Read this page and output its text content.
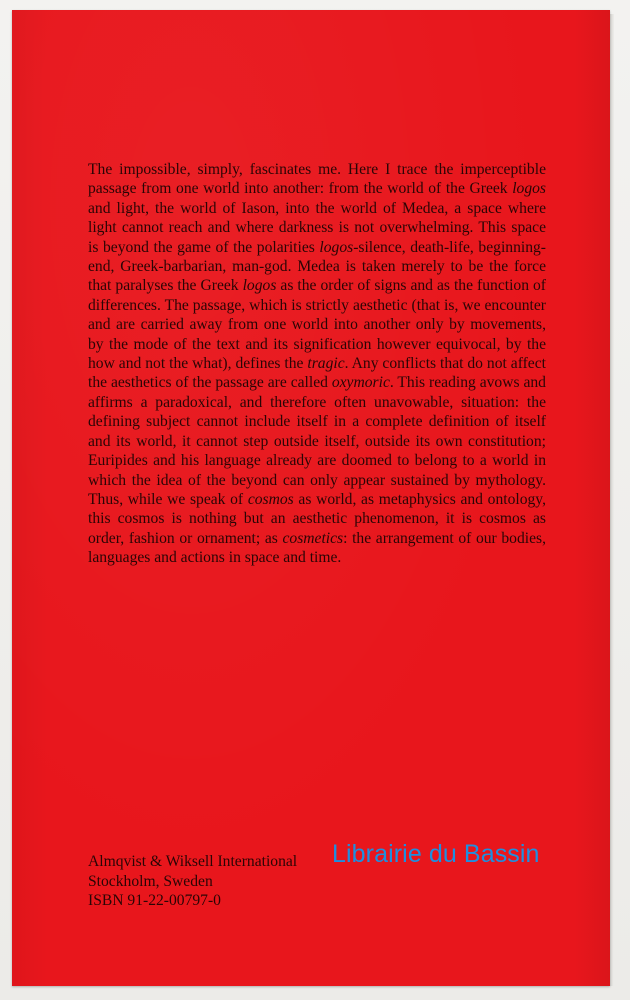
The impossible, simply, fascinates me. Here I trace the imperceptible passage from one world into another: from the world of the Greek logos and light, the world of Iason, into the world of Medea, a space where light cannot reach and where darkness is not overwhelming. This space is beyond the game of the polarities logos-silence, death-life, beginning-end, Greek-barbarian, man-god. Medea is taken merely to be the force that paralyses the Greek logos as the order of signs and as the function of differences. The passage, which is strictly aesthetic (that is, we encounter and are carried away from one world into another only by movements, by the mode of the text and its signification however equivocal, by the how and not the what), defines the tragic. Any conflicts that do not affect the aesthetics of the passage are called oxymoric. This reading avows and affirms a paradoxical, and therefore often unavowable, situation: the defining subject cannot include itself in a complete definition of itself and its world, it cannot step outside itself, outside its own constitution; Euripides and his language already are doomed to belong to a world in which the idea of the beyond can only appear sustained by mythology. Thus, while we speak of cosmos as world, as metaphysics and ontology, this cosmos is nothing but an aesthetic phenomenon, it is cosmos as order, fashion or ornament; as cosmetics: the arrangement of our bodies, languages and actions in space and time.

Almqvist & Wiksell International
Stockholm, Sweden
ISBN 91-22-00797-0
Librairie du Bassin
